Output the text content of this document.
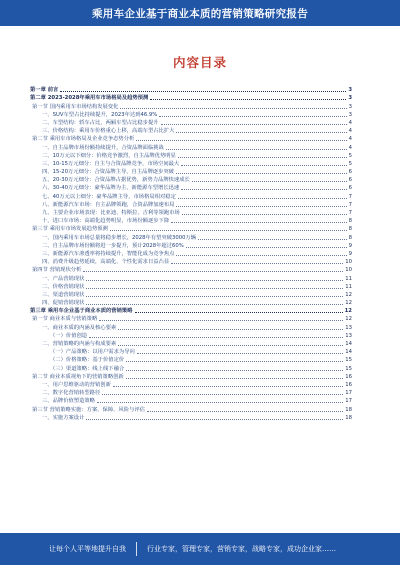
乘用车企业基于商业本质的营销策略研究报告
内容目录
第一章 前言	3
第二章 2023-2028年乘用车市场格局及趋势预测	3
第一节 国内乘用车市场结构发展变化	3
一、SUV车型占比持续提升，2023年达到46.9%	3
二、车型结构：轿车占比，两厢车型占比稳步提升	4
三、价格结构：乘用车价格重心上移，高端车型占比扩大	4
第二节 乘用车市场格局及企业竞争态势分析	4
一、自主品牌市场份额持续提升，合资品牌面临挑战	4
二、10万元以下细分：价格竞争激烈，自主品牌优势明显	5
三、10-15万元细分：自主与合资品牌竞争，市场空间最大	5
四、15-20万元细分：合资品牌主导，自主品牌逐步突破	6
五、20-30万元细分：合资品牌占据优势，新势力品牌快速成长	6
六、30-40万元细分：豪华品牌为主，新能源车型增长迅速	6
七、40万元以上细分：豪华品牌主导，市场格局相对稳定	7
八、新能源汽车市场：自主品牌领跑，合资品牌加速布局	7
九、主要企业市场表现：比亚迪、特斯拉、吉利等领跑市场	7
十、进口车市场：高端化趋势明显，市场份额逐步下降	8
第三节 乘用车市场发展趋势预测	8
一、国内乘用车市场总量将稳步增长，2028年有望突破3000万辆	8
二、自主品牌市场份额将进一步提升，预计2028年超过60%	9
三、新能源汽车渗透率将持续提升，智能化成为竞争焦点	9
四、消费升级趋势延续，高端化、个性化需求日益凸显	10
第四节 营销现状分析	10
一、产品营销现状	11
二、价格营销现状	11
三、渠道营销现状	12
四、促销营销现状	12
第三章 乘用车企业基于商业本质的营销策略	12
第一节 商业本质与营销策略	12
一、商业本质的内涵及核心要素	13
（一）价值创造	13
二、营销策略的内涵与构成要素	14
（一）产品策略：以用户需求为导向	14
（二）价格策略：基于价值定价	15
（三）渠道策略：线上线下融合	15
第二节 商业本质视角下的营销策略创新	16
一、用户思维驱动的营销创新	16
二、数字化营销转型路径	17
三、品牌价值塑造策略	17
第三节 营销策略实施：方案、保障、风险与评估	18
一、实施方案设计	18
让每个人平等地提升自我	行业专家，管理专家，营销专家，战略专家，成功企业家……
